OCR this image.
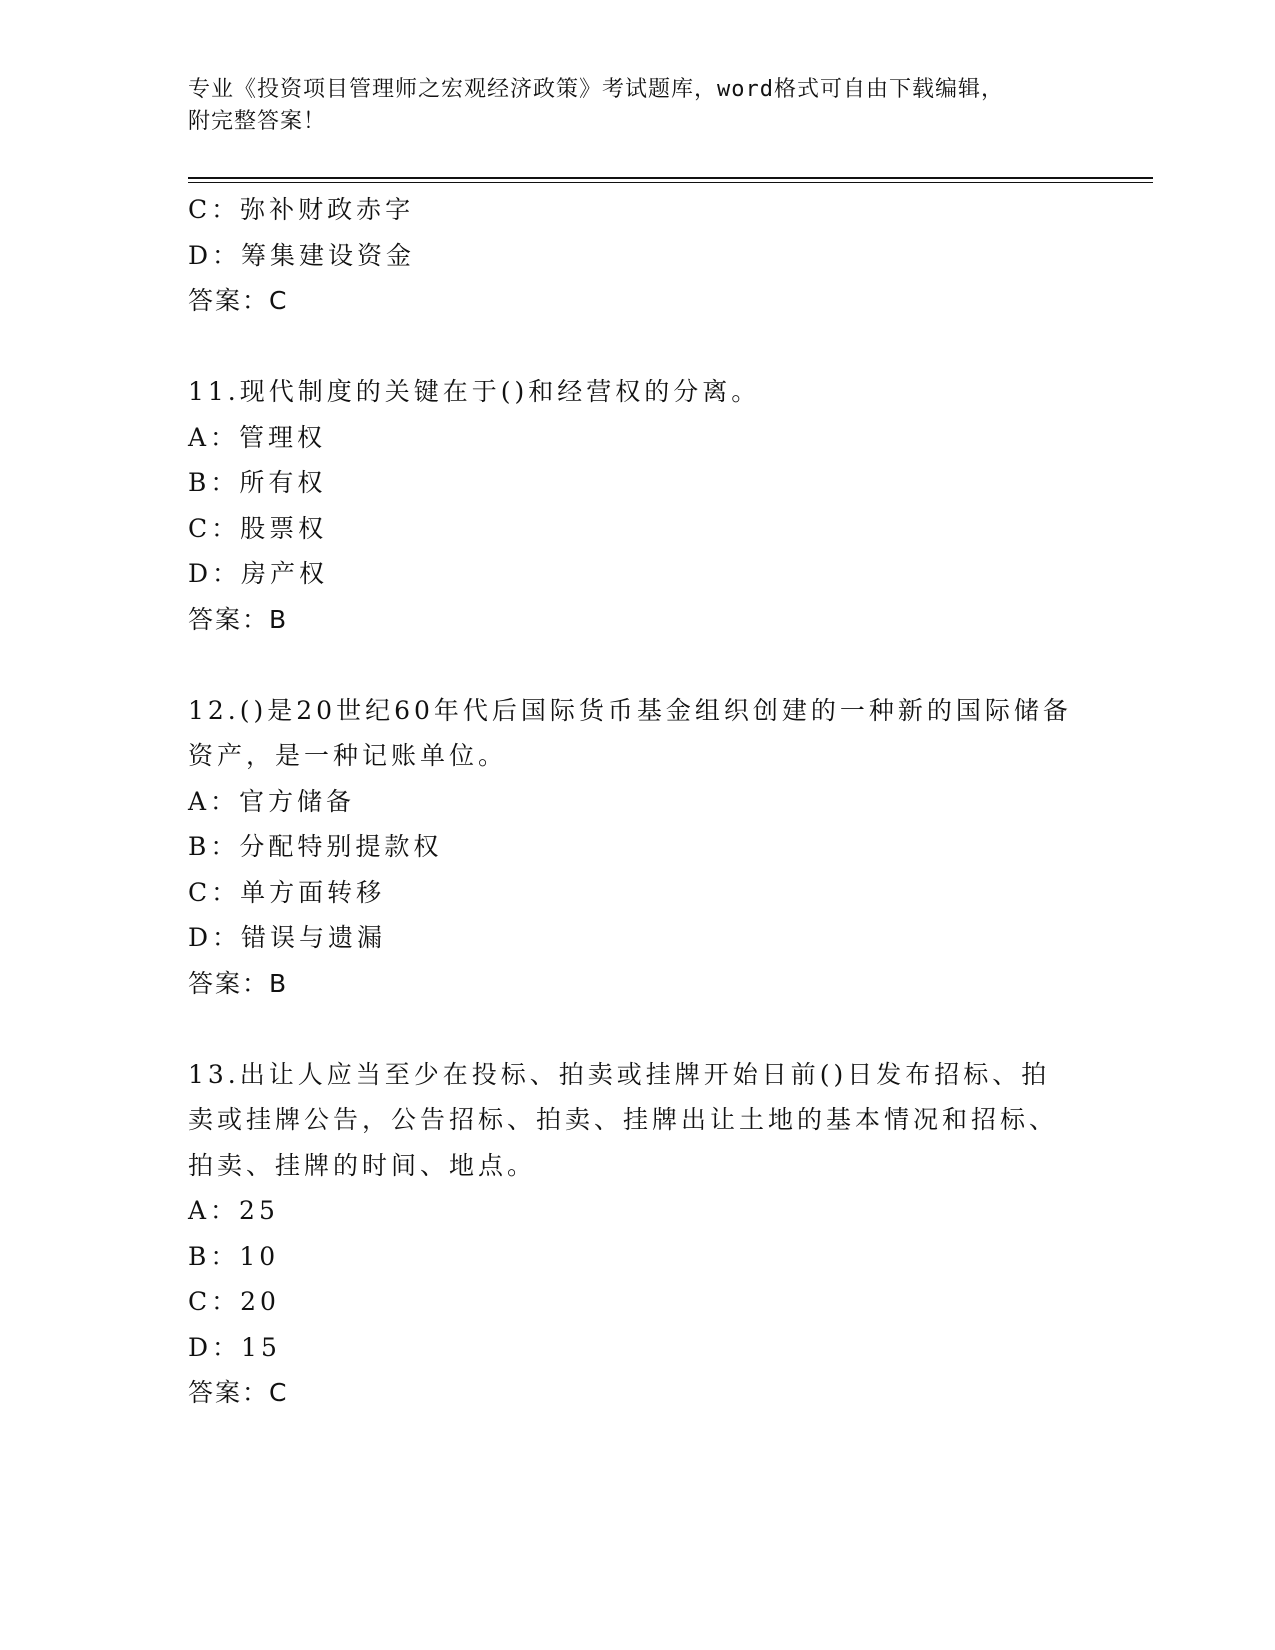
专业《投资项目管理师之宏观经济政策》考试题库，word格式可自由下载编辑，
附完整答案！
C：弥补财政赤字
D：筹集建设资金
答案：C
11.现代制度的关键在于()和经营权的分离。
A：管理权
B：所有权
C：股票权
D：房产权
答案：B
12.()是20世纪60年代后国际货币基金组织创建的一种新的国际储备资产，是一种记账单位。
A：官方储备
B：分配特别提款权
C：单方面转移
D：错误与遗漏
答案：B
13.出让人应当至少在投标、拍卖或挂牌开始日前()日发布招标、拍卖或挂牌公告，公告招标、拍卖、挂牌出让土地的基本情况和招标、拍卖、挂牌的时间、地点。
A：25
B：10
C：20
D：15
答案：C
